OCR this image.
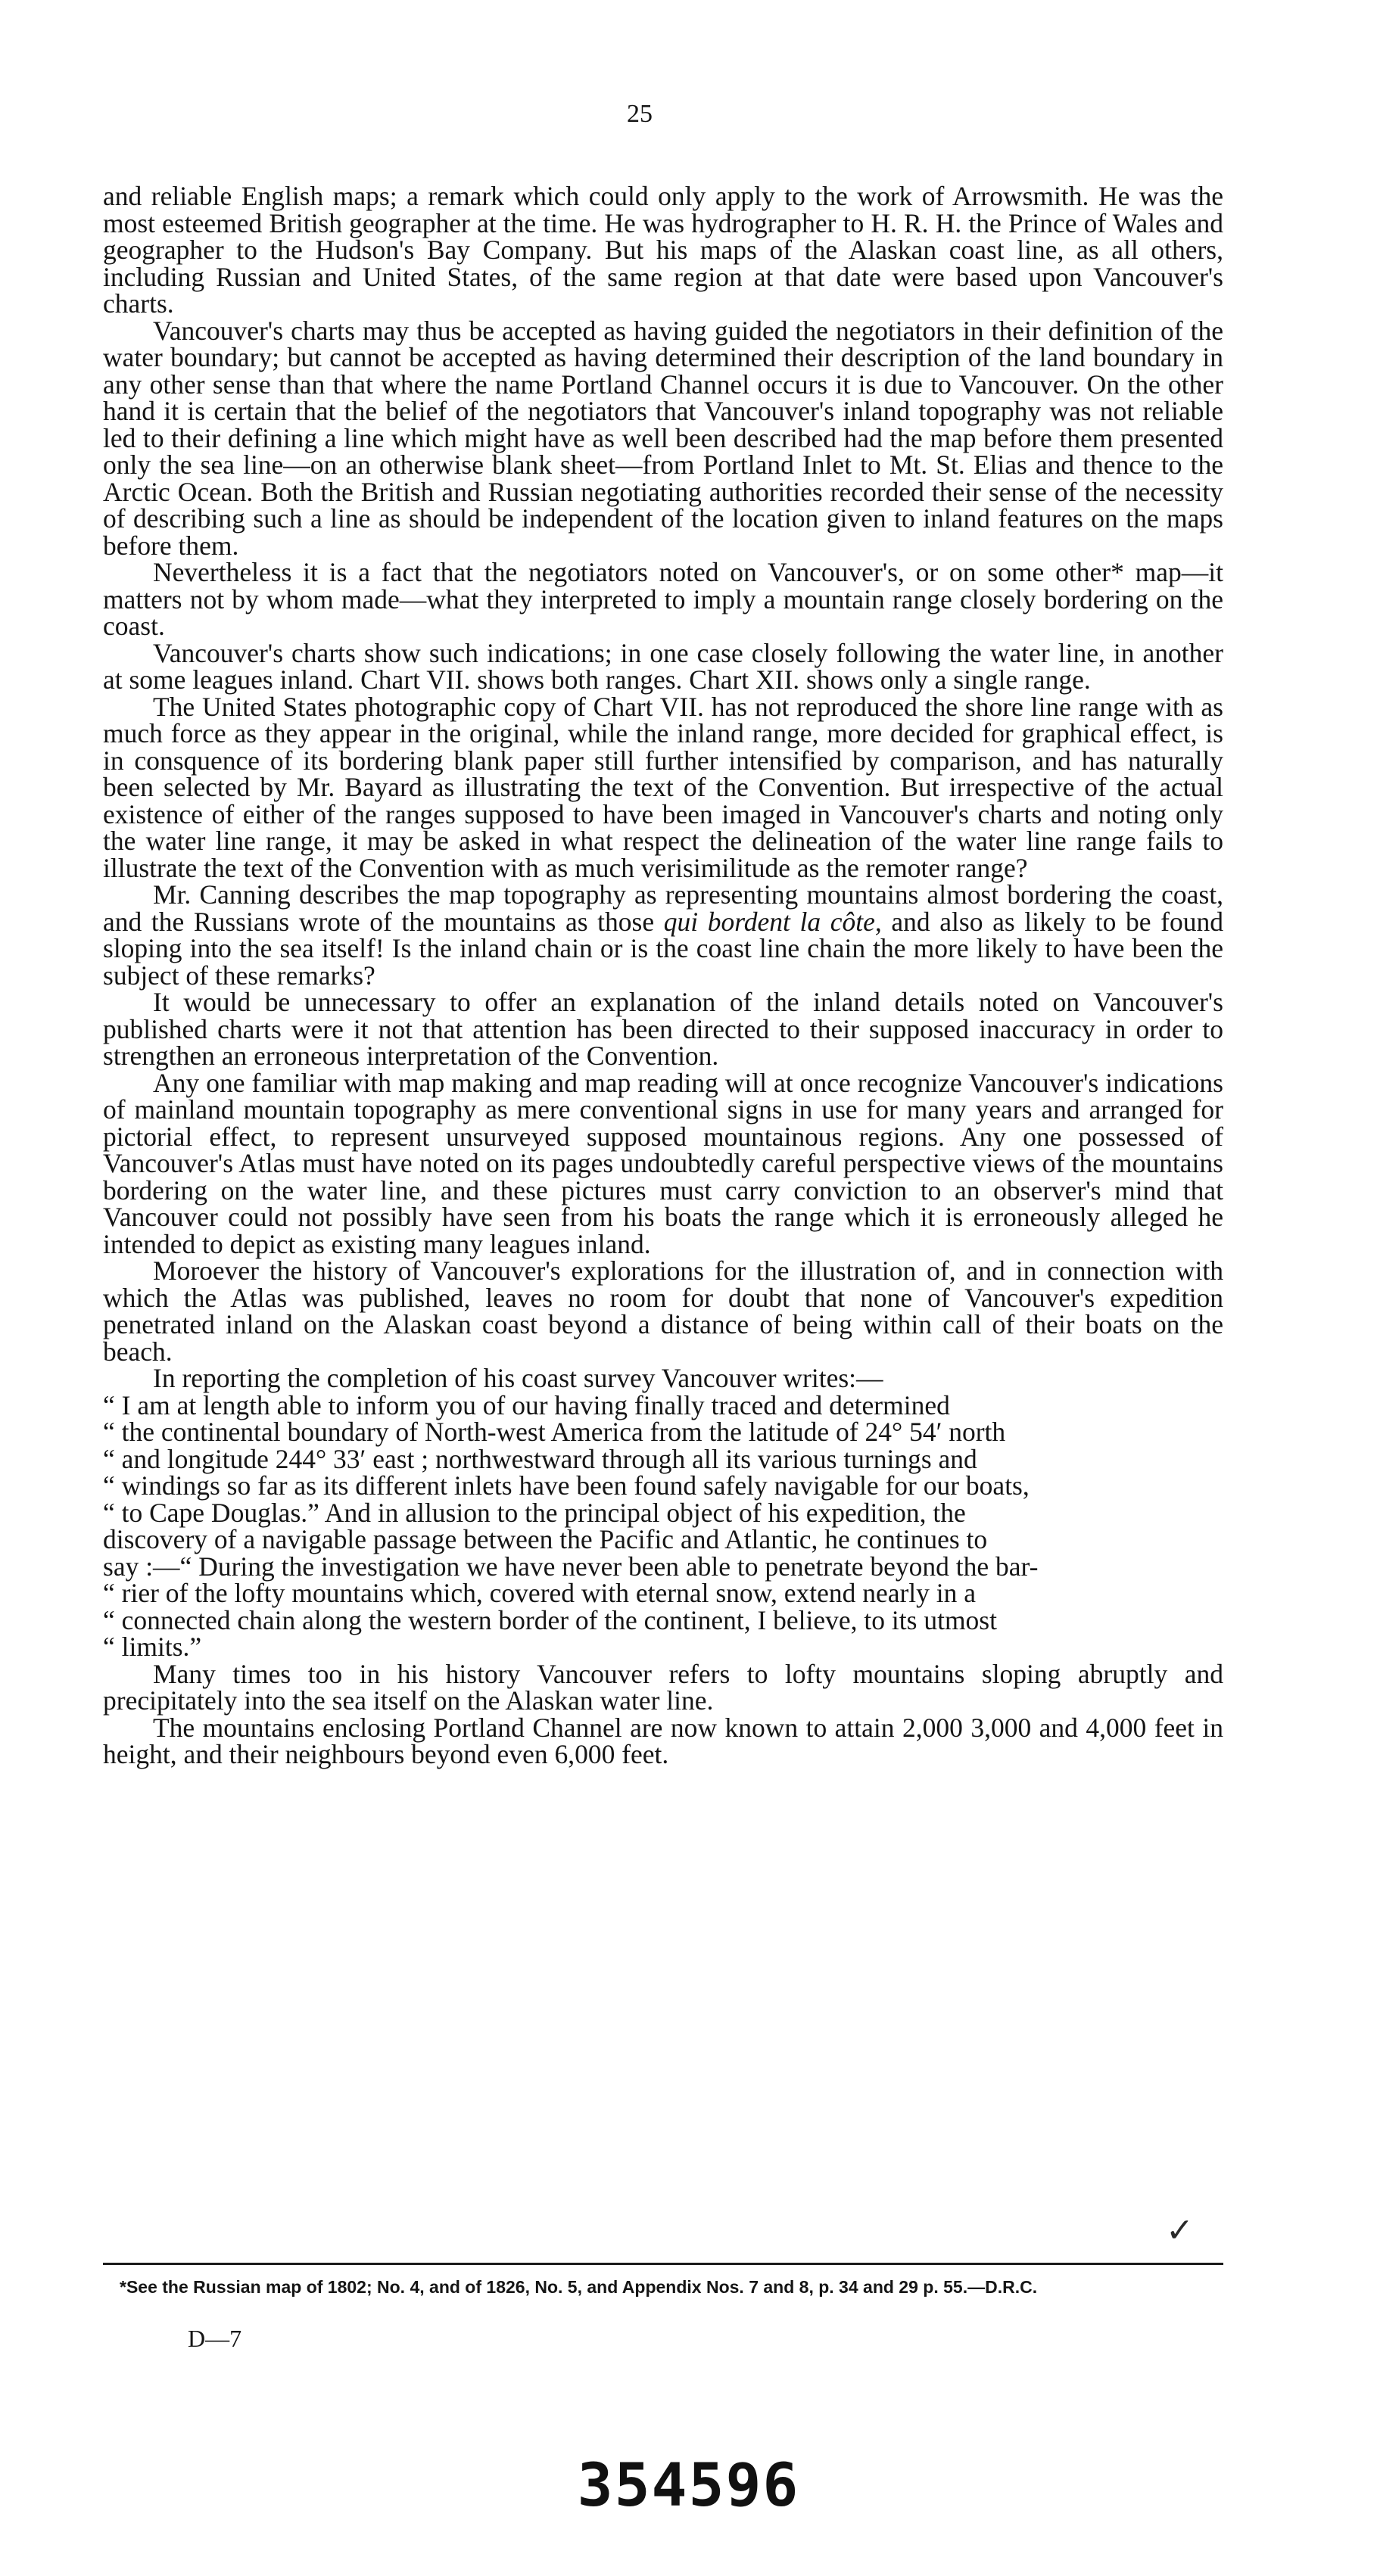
25

and reliable English maps; a remark which could only apply to the work of Arrowsmith. He was the most esteemed British geographer at the time. He was hydrographer to H. R. H. the Prince of Wales and geographer to the Hudson's Bay Company. But his maps of the Alaskan coast line, as all others, including Russian and United States, of the same region at that date were based upon Vancouver's charts.

Vancouver's charts may thus be accepted as having guided the negotiators in their definition of the water boundary; but cannot be accepted as having determined their description of the land boundary in any other sense than that where the name Portland Channel occurs it is due to Vancouver. On the other hand it is certain that the belief of the negotiators that Vancouver's inland topography was not reliable led to their defining a line which might have as well been described had the map before them presented only the sea line—on an otherwise blank sheet—from Portland Inlet to Mt. St. Elias and thence to the Arctic Ocean. Both the British and Russian negotiating authorities recorded their sense of the necessity of describing such a line as should be independent of the location given to inland features on the maps before them.

Nevertheless it is a fact that the negotiators noted on Vancouver's, or on some other* map—it matters not by whom made—what they interpreted to imply a mountain range closely bordering on the coast.

Vancouver's charts show such indications; in one case closely following the water line, in another at some leagues inland. Chart VII. shows both ranges. Chart XII. shows only a single range.

The United States photographic copy of Chart VII. has not reproduced the shore line range with as much force as they appear in the original, while the inland range, more decided for graphical effect, is in consquence of its bordering blank paper still further intensified by comparison, and has naturally been selected by Mr. Bayard as illustrating the text of the Convention. But irrespective of the actual existence of either of the ranges supposed to have been imaged in Vancouver's charts and noting only the water line range, it may be asked in what respect the delineation of the water line range fails to illustrate the text of the Convention with as much verisimilitude as the remoter range?

Mr. Canning describes the map topography as representing mountains almost bordering the coast, and the Russians wrote of the mountains as those qui bordent la côte, and also as likely to be found sloping into the sea itself! Is the inland chain or is the coast line chain the more likely to have been the subject of these remarks?

It would be unnecessary to offer an explanation of the inland details noted on Vancouver's published charts were it not that attention has been directed to their supposed inaccuracy in order to strengthen an erroneous interpretation of the Convention.

Any one familiar with map making and map reading will at once recognize Vancouver's indications of mainland mountain topography as mere conventional signs in use for many years and arranged for pictorial effect, to represent unsurveyed supposed mountainous regions. Any one possessed of Vancouver's Atlas must have noted on its pages undoubtedly careful perspective views of the mountains bordering on the water line, and these pictures must carry conviction to an observer's mind that Vancouver could not possibly have seen from his boats the range which it is erroneously alleged he intended to depict as existing many leagues inland.

Moroever the history of Vancouver's explorations for the illustration of, and in connection with which the Atlas was published, leaves no room for doubt that none of Vancouver's expedition penetrated inland on the Alaskan coast beyond a distance of being within call of their boats on the beach.

In reporting the completion of his coast survey Vancouver writes:—

“ I am at length able to inform you of our having finally traced and determined
“ the continental boundary of North-west America from the latitude of 24° 54′ north
“ and longitude 244° 33′ east ; northwestward through all its various turnings and
“ windings so far as its different inlets have been found safely navigable for our boats,
“ to Cape Douglas.” And in allusion to the principal object of his expedition, the
discovery of a navigable passage between the Pacific and Atlantic, he continues to
say :—“ During the investigation we have never been able to penetrate beyond the bar-
“ rier of the lofty mountains which, covered with eternal snow, extend nearly in a
“ connected chain along the western border of the continent, I believe, to its utmost
“ limits.”

Many times too in his history Vancouver refers to lofty mountains sloping abruptly and precipitately into the sea itself on the Alaskan water line.

The mountains enclosing Portland Channel are now known to attain 2,000 3,000 and 4,000 feet in height, and their neighbours beyond even 6,000 feet.

✓
*See the Russian map of 1802; No. 4, and of 1826, No. 5, and Appendix Nos. 7 and 8, p. 34 and 29 p. 55.—D.R.C.
D—7
354596
